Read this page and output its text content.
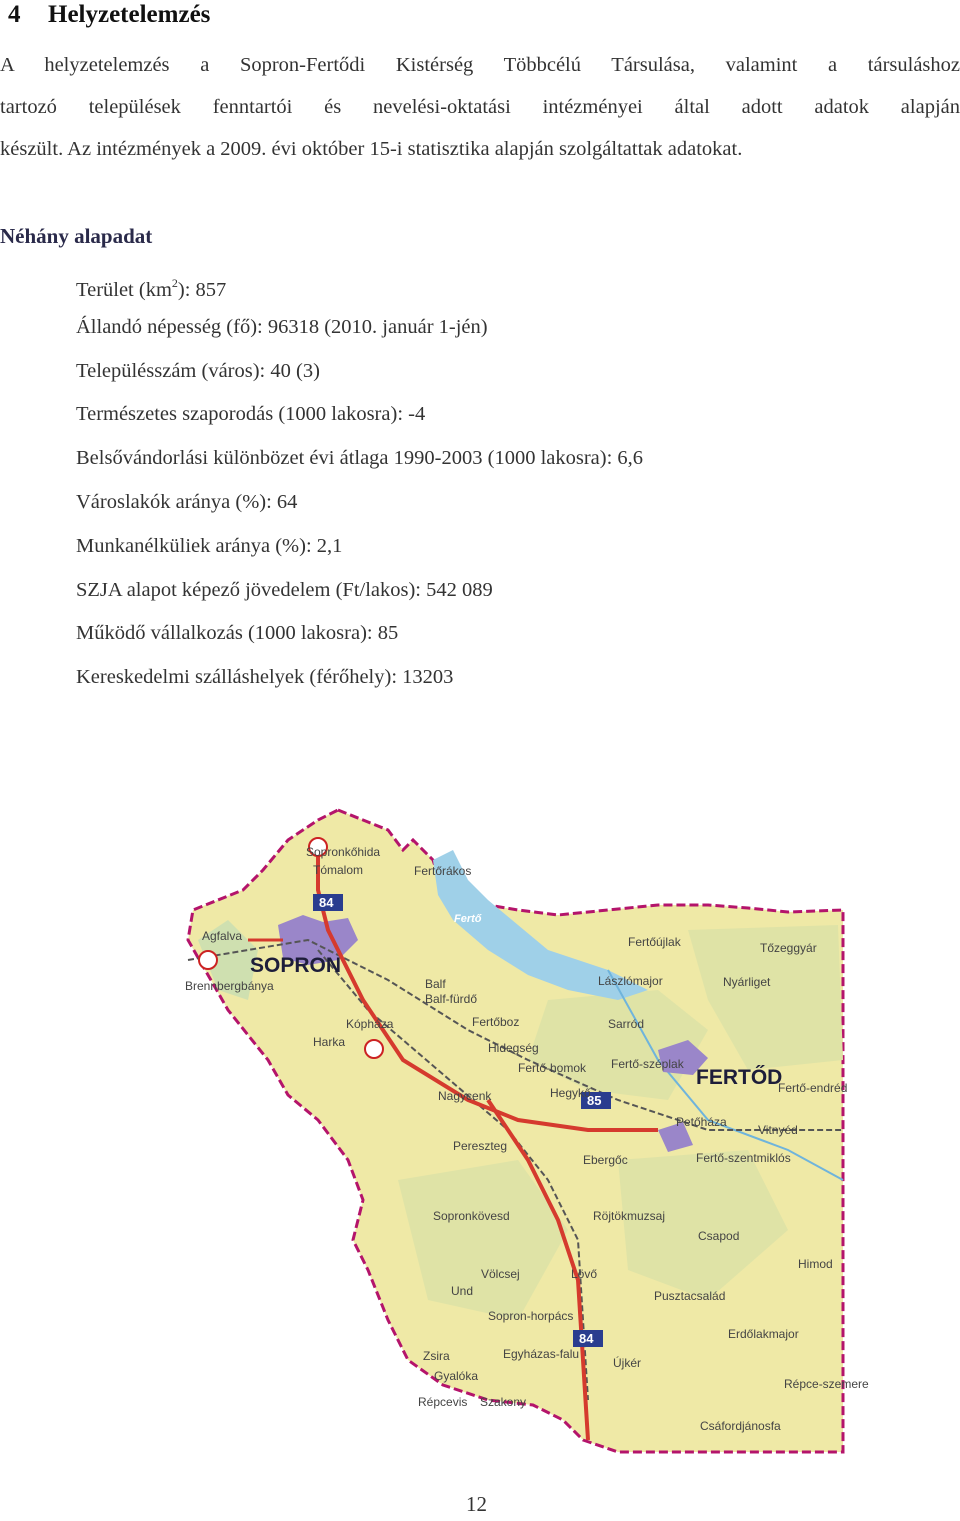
4 Helyzetelemzés
A helyzetelemzés a Sopron-Fertődi Kistérség Többcélú Társulása, valamint a társuláshoz
tartozó települések fenntartói és nevelési-oktatási intézményei által adott adatok alapján
készült. Az intézmények a 2009. évi október 15-i statisztika alapján szolgáltattak adatokat.
Néhány alapadat
Terület $(km^2)$: 857
Állandó népesség (fő): 96318 (2010. január 1-jén)
Településszám (város): 40 (3)
Természetes szaporodás (1000 lakosra): -4
Belsővándorlási különbözet évi átlaga 1990-2003 (1000 lakosra): 6,6
Városlakók aránya (%): 64
Munkanélküliek aránya (%): 2,1
SZJA alapot képező jövedelem (Ft/lakos): 542 089
Működő vállalkozás (1000 lakosra): 85
Kereskedelmi szálláshelyek (férőhely): 13203
84
85
84
SOPRON
FERTŐD
Sopronkőhida
Tómalom	Fertőrákos
Fertő
Agfalva
Brennbergbánya	Balf
Balf-fürdő
Harka
Kópháza	Fertőboz
Hidegség
Fertő-homok
Nagycenk	Hegykő
Fertőújlak	Tőzeggyár
Lászlómajor	Nyárliget
Sarród
Fertő-széplak
Fertő-endréd
Petőháza
Vitnyéd
Fertő-szentmiklós
Pereszteg
Ebergőc
Sopronkövesd	Röjtökmuzsaj
Csapod
Himod
Völcsej	Lövő
Pusztacsalád
Und
Sopron-horpács
Erdőlakmajor
Zsira	Egyházas-falu
Újkér
Gyalóka
Répce-szemere
Répcevis Szakony
Csáfordjánosfa
12
